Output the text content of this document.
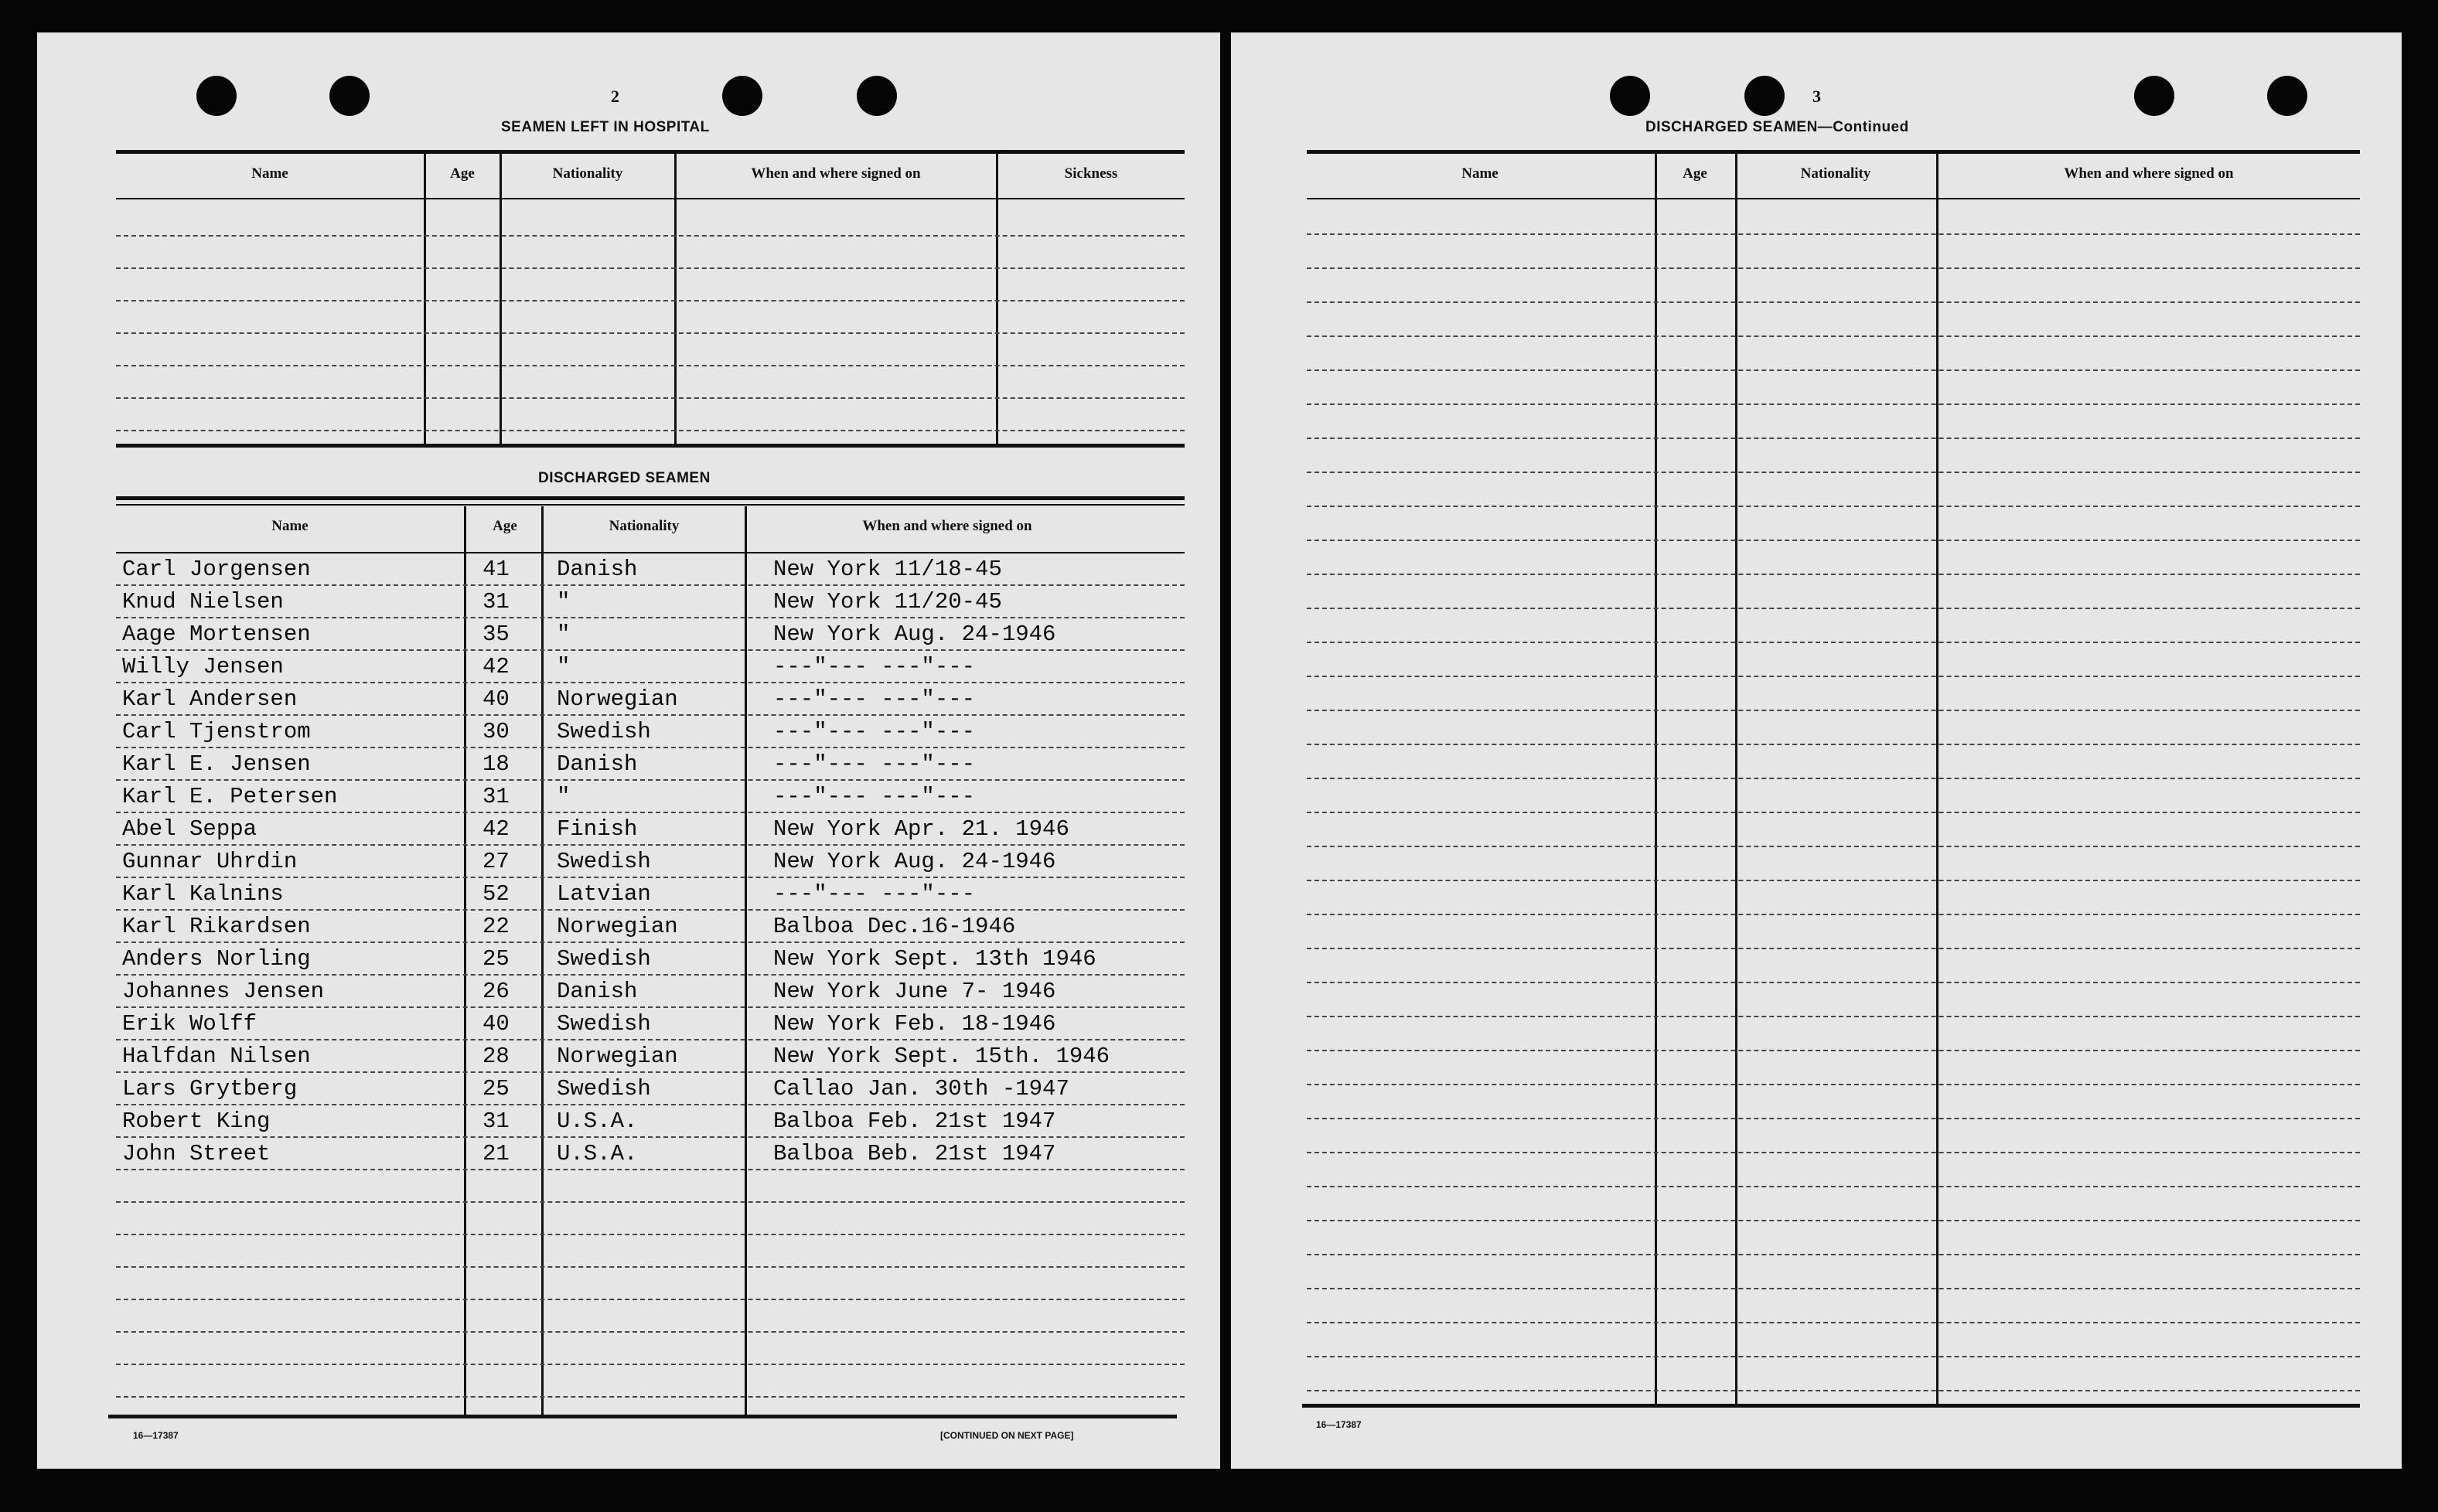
2
SEAMEN LEFT IN HOSPITAL
Name	Age	Nationality	When and where signed on	Sickness
DISCHARGED SEAMEN
Name	Age	Nationality	When and where signed on
Carl Jorgensen	41 Danish	New York 11/18-45
Knud Nielsen	31 "	New York 11/20-45
Aage Mortensen	35 "	New York Aug. 24-1946
Willy Jensen	42 "	---"--- ---"---
Karl Andersen	40 Norwegian	---"--- ---"---
Carl Tjenstrom	30 Swedish	---"--- ---"---
Karl E. Jensen	18 Danish	---"--- ---"---
Karl E. Petersen	31 "	---"--- ---"---
Abel Seppa	42 Finish	New York Apr. 21. 1946
Gunnar Uhrdin	27 Swedish	New York Aug. 24-1946
Karl Kalnins	52 Latvian	---"--- ---"---
Karl Rikardsen	22 Norwegian	Balboa Dec.16-1946
Anders Norling	25 Swedish	New York Sept. 13th 1946
Johannes Jensen	26 Danish	New York June 7- 1946
Erik Wolff	40 Swedish	New York Feb. 18-1946
Halfdan Nilsen	28 Norwegian	New York Sept. 15th. 1946
Lars Grytberg	25 Swedish	Callao Jan. 30th -1947
Robert King	31 U.S.A.	Balboa Feb. 21st 1947
John Street	21 U.S.A.	Balboa Beb. 21st 1947
16—17387	[CONTINUED ON NEXT PAGE]
3
DISCHARGED SEAMEN—Continued
Name	Age	Nationality	When and where signed on
16—17387
